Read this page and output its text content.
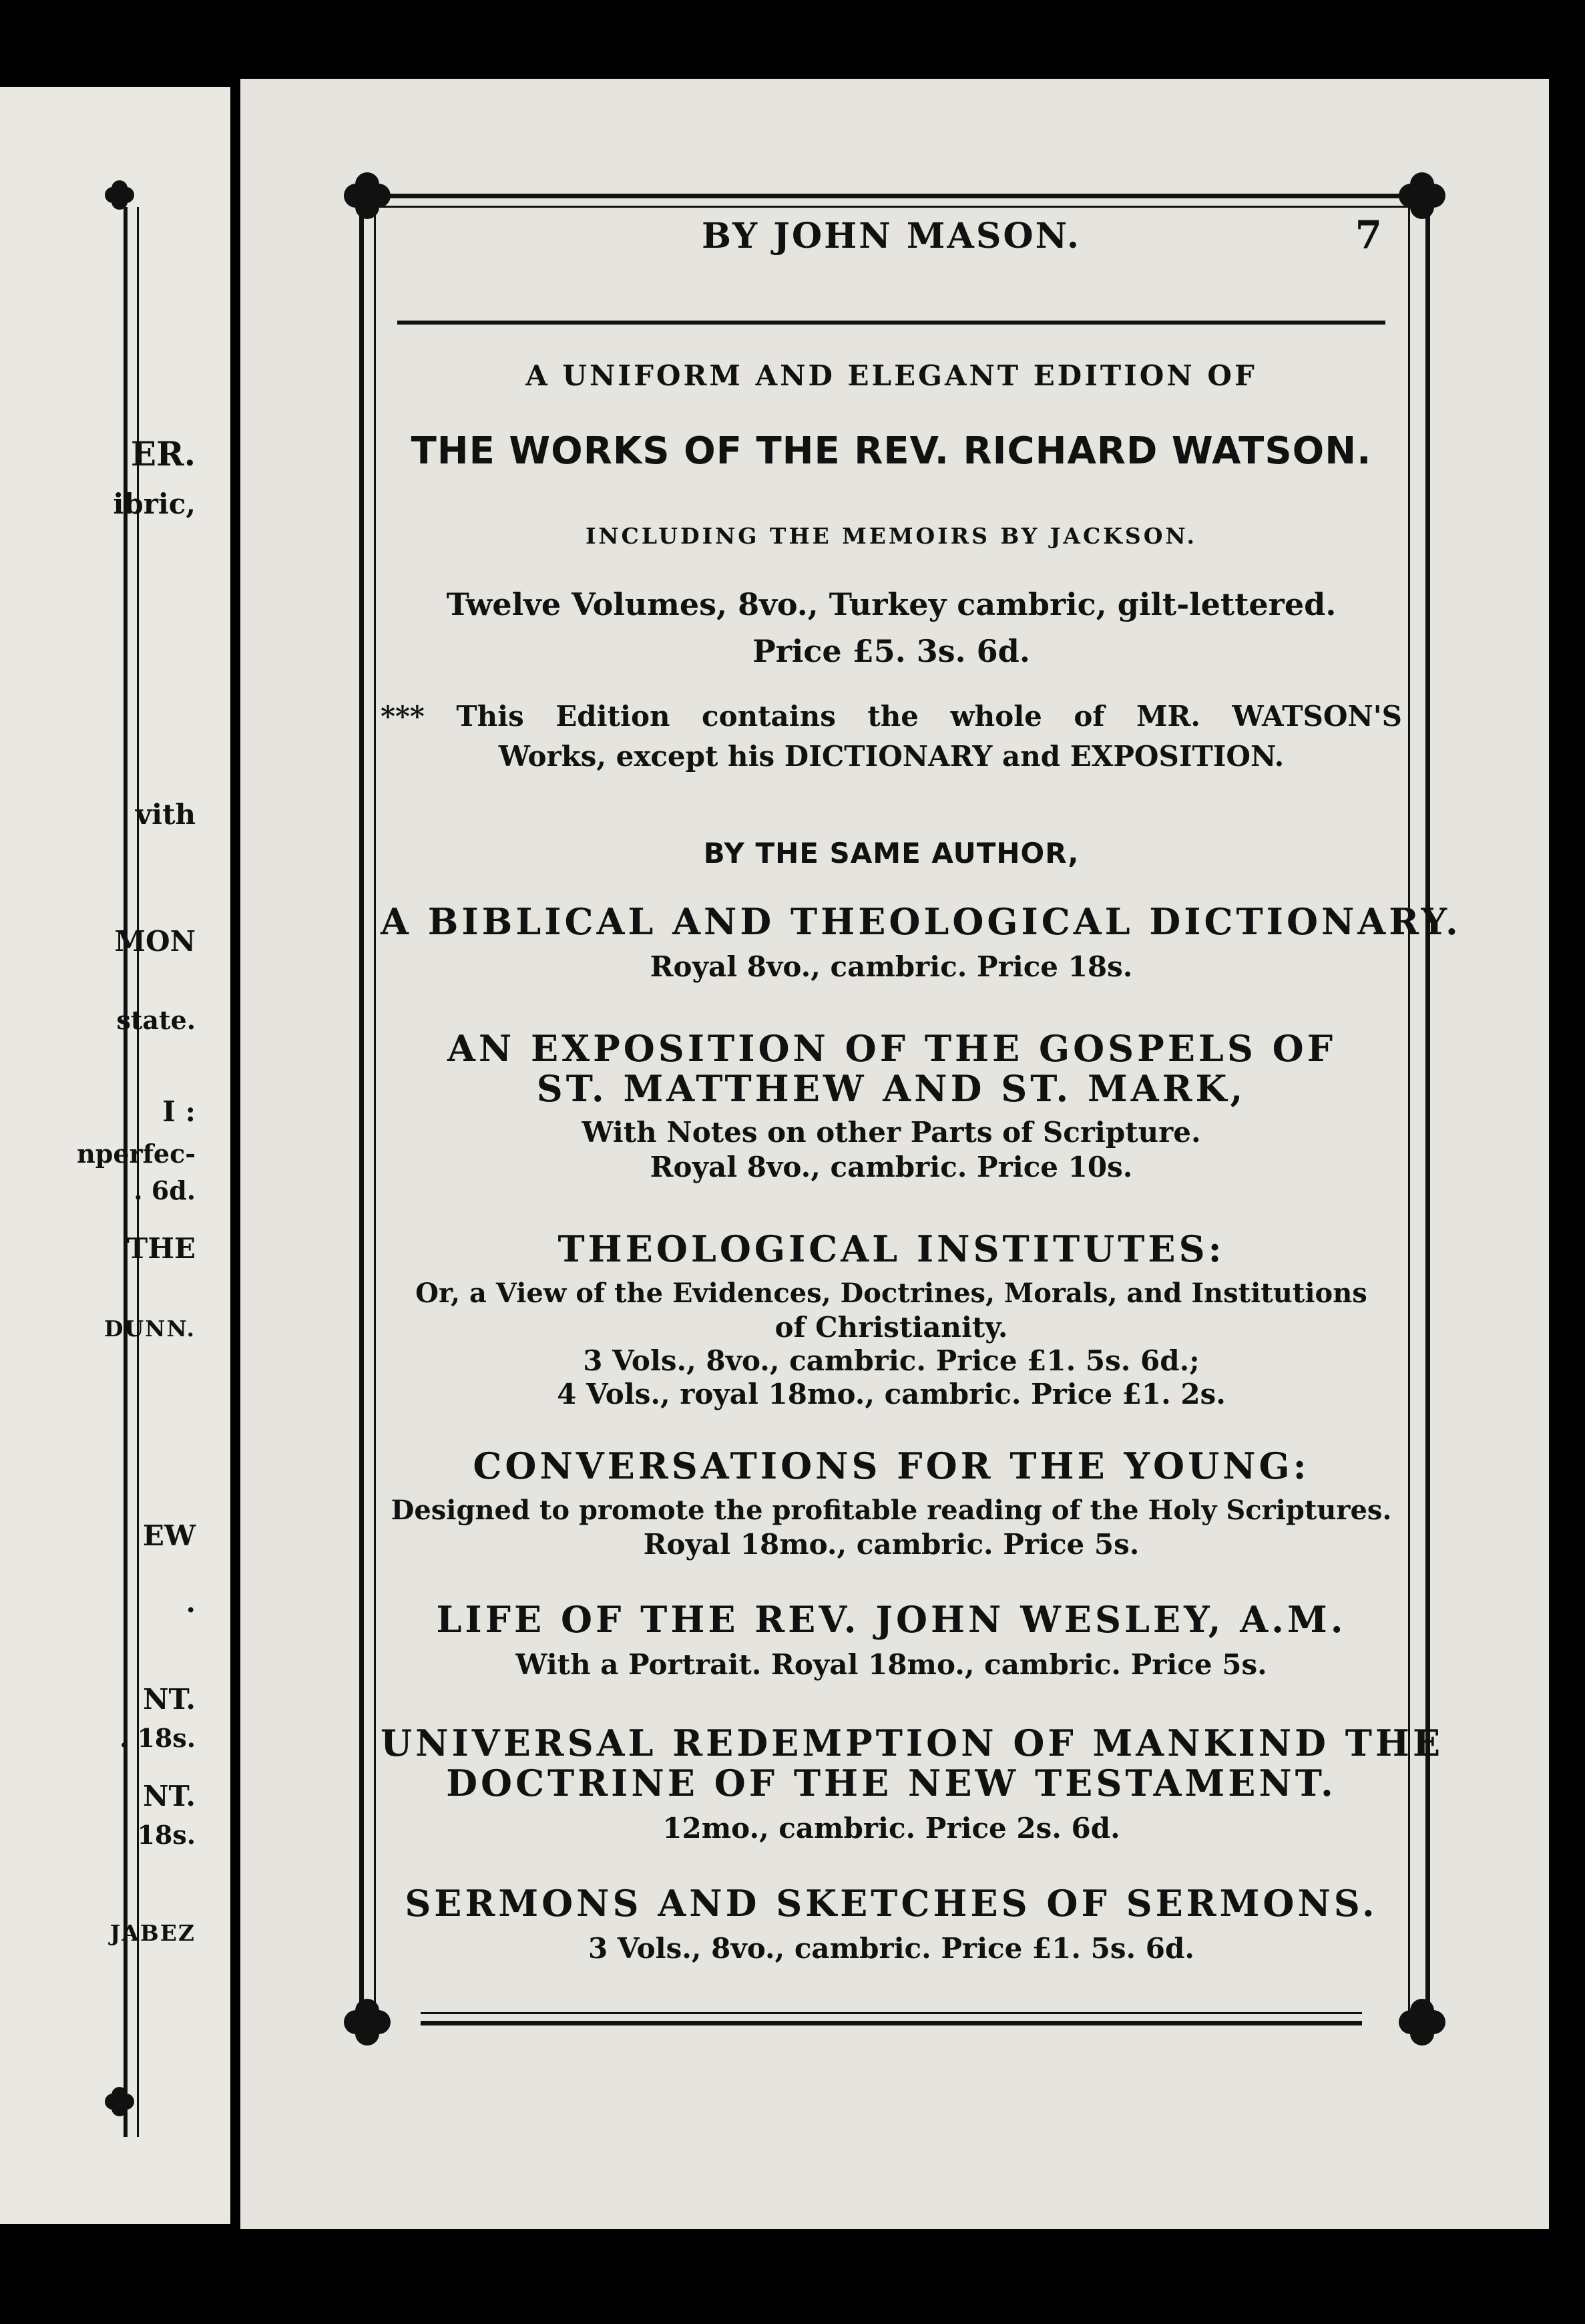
ER.
ibric,
vith
MON
state.
I :
nperfec-
. 6d.
THE
DUNN.
EW
.
NT.
. 18s.
NT.
18s.
JABEZ
BY JOHN MASON.	7
A UNIFORM AND ELEGANT EDITION OF
THE WORKS OF THE REV. RICHARD WATSON.
INCLUDING THE MEMOIRS BY JACKSON.
Twelve Volumes, 8vo., Turkey cambric, gilt-lettered.
Price £5. 3s. 6d.
*** This Edition contains the whole of MR. WATSON'S
Works, except his DICTIONARY and EXPOSITION.
BY THE SAME AUTHOR,
A BIBLICAL AND THEOLOGICAL DICTIONARY.
Royal 8vo., cambric. Price 18s.
AN EXPOSITION OF THE GOSPELS OF
ST. MATTHEW AND ST. MARK,
With Notes on other Parts of Scripture.
Royal 8vo., cambric. Price 10s.
THEOLOGICAL INSTITUTES:
Or, a View of the Evidences, Doctrines, Morals, and Institutions
of Christianity.
3 Vols., 8vo., cambric. Price £1. 5s. 6d.;
4 Vols., royal 18mo., cambric. Price £1. 2s.
CONVERSATIONS FOR THE YOUNG:
Designed to promote the profitable reading of the Holy Scriptures.
Royal 18mo., cambric. Price 5s.
LIFE OF THE REV. JOHN WESLEY, A.M.
With a Portrait. Royal 18mo., cambric. Price 5s.
UNIVERSAL REDEMPTION OF MANKIND THE
DOCTRINE OF THE NEW TESTAMENT.
12mo., cambric. Price 2s. 6d.
SERMONS AND SKETCHES OF SERMONS.
3 Vols., 8vo., cambric. Price £1. 5s. 6d.
